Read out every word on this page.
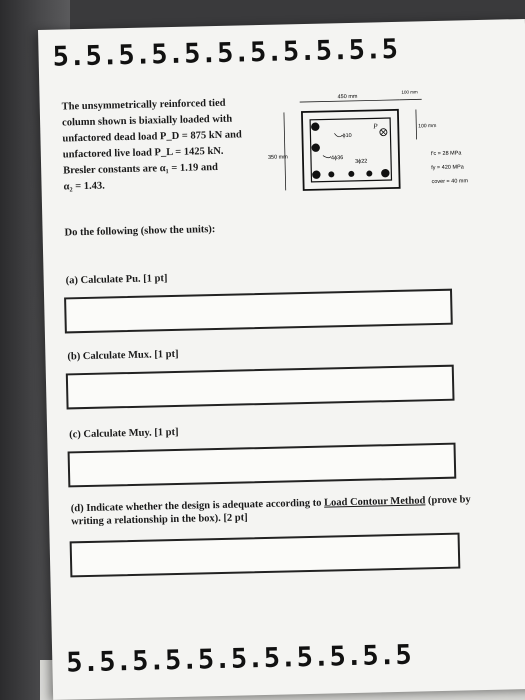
5.5.5.5.5.5.5.5.5.5.5
The unsymmetrically reinforced tied
column shown is biaxially loaded with
unfactored dead load P_D = 875 kN and
unfactored live load P_L = 1425 kN.
Bresler constants are α₁ = 1.19 and
α₂ = 1.43.
450 mm
100 mm
350 mm
100 mm
P
ϕ10
4ϕ36
3ϕ22
f'c = 28 MPa
fy = 420 MPa
cover = 40 mm
Do the following (show the units):
(a) Calculate Pu. [1 pt]
(b) Calculate Mux. [1 pt]
(c) Calculate Muy. [1 pt]
(d) Indicate whether the design is adequate according to Load Contour Method (prove by writing a relationship in the box). [2 pt]
5.5.5.5.5.5.5.5.5.5.5
